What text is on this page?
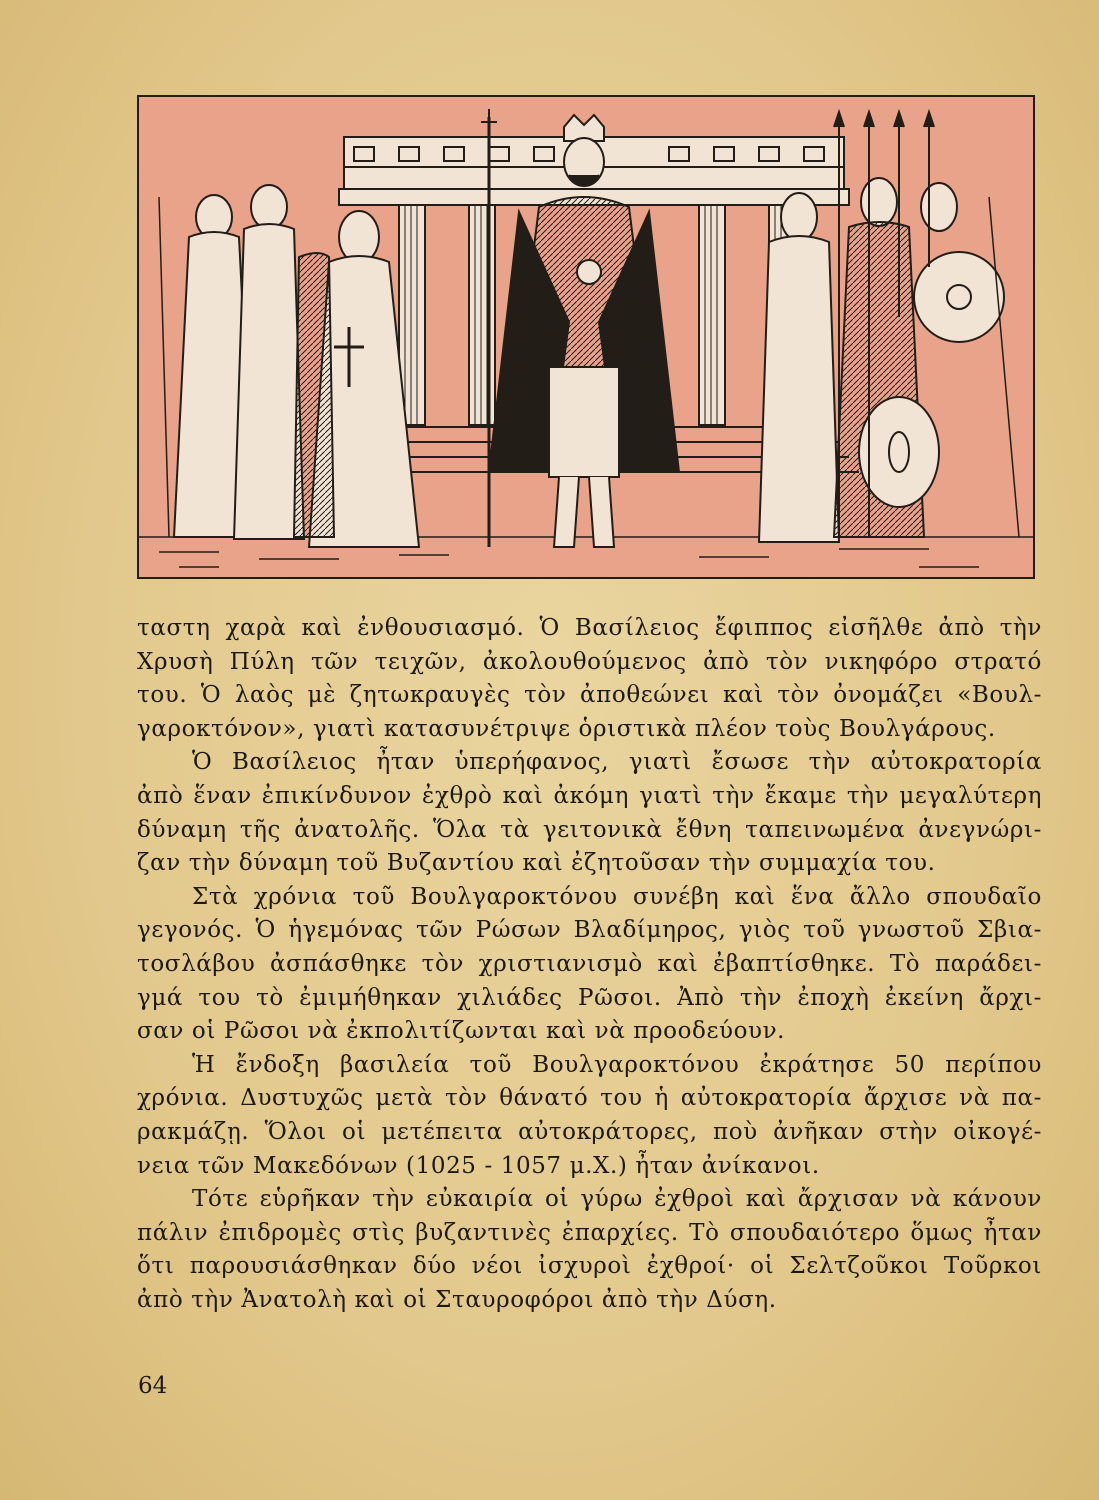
ταστη χαρὰ καὶ ἐνθουσιασμό. Ὁ Βασίλειος ἔφιππος εἰσῆλθε ἀπὸ τὴν
Χρυσὴ Πύλη τῶν τειχῶν, ἀκολουθούμενος ἀπὸ τὸν νικηφόρο στρατό
του. Ὁ λαὸς μὲ ζητωκραυγὲς τὸν ἀποθεώνει καὶ τὸν ὀνομάζει «Βουλ-
γαροκτόνον», γιατὶ κατασυνέτριψε ὁριστικὰ πλέον τοὺς Βουλγάρους.
Ὁ Βασίλειος ἦταν ὑπερήφανος, γιατὶ ἔσωσε τὴν αὐτοκρατορία
ἀπὸ ἕναν ἐπικίνδυνον ἐχθρὸ καὶ ἀκόμη γιατὶ τὴν ἔκαμε τὴν μεγαλύτερη
δύναμη τῆς ἀνατολῆς. Ὅλα τὰ γειτονικὰ ἔθνη ταπεινωμένα ἀνεγνώρι-
ζαν τὴν δύναμη τοῦ Βυζαντίου καὶ ἐζητοῦσαν τὴν συμμαχία του.
Στὰ χρόνια τοῦ Βουλγαροκτόνου συνέβη καὶ ἕνα ἄλλο σπουδαῖο
γεγονός. Ὁ ἡγεμόνας τῶν Ρώσων Βλαδίμηρος, γιὸς τοῦ γνωστοῦ Σβια-
τοσλάβου ἀσπάσθηκε τὸν χριστιανισμὸ καὶ ἐβαπτίσθηκε. Τὸ παράδει-
γμά του τὸ ἐμιμήθηκαν χιλιάδες Ρῶσοι. Ἀπὸ τὴν ἐποχὴ ἐκείνη ἄρχι-
σαν οἱ Ρῶσοι νὰ ἐκπολιτίζωνται καὶ νὰ προοδεύουν.
Ἡ ἔνδοξη βασιλεία τοῦ Βουλγαροκτόνου ἐκράτησε 50 περίπου
χρόνια. Δυστυχῶς μετὰ τὸν θάνατό του ἡ αὐτοκρατορία ἄρχισε νὰ πα-
ρακμάζῃ. Ὅλοι οἱ μετέπειτα αὐτοκράτορες, ποὺ ἀνῆκαν στὴν οἰκογέ-
νεια τῶν Μακεδόνων (1025 - 1057 μ.Χ.) ἦταν ἀνίκανοι.
Τότε εὑρῆκαν τὴν εὐκαιρία οἱ γύρω ἐχθροὶ καὶ ἄρχισαν νὰ κάνουν
πάλιν ἐπιδρομὲς στὶς βυζαντινὲς ἐπαρχίες. Τὸ σπουδαιότερο ὅμως ἦταν
ὅτι παρουσιάσθηκαν δύο νέοι ἰσχυροὶ ἐχθροί· οἱ Σελτζοῦκοι Τοῦρκοι
ἀπὸ τὴν Ἀνατολὴ καὶ οἱ Σταυροφόροι ἀπὸ τὴν Δύση.
64
